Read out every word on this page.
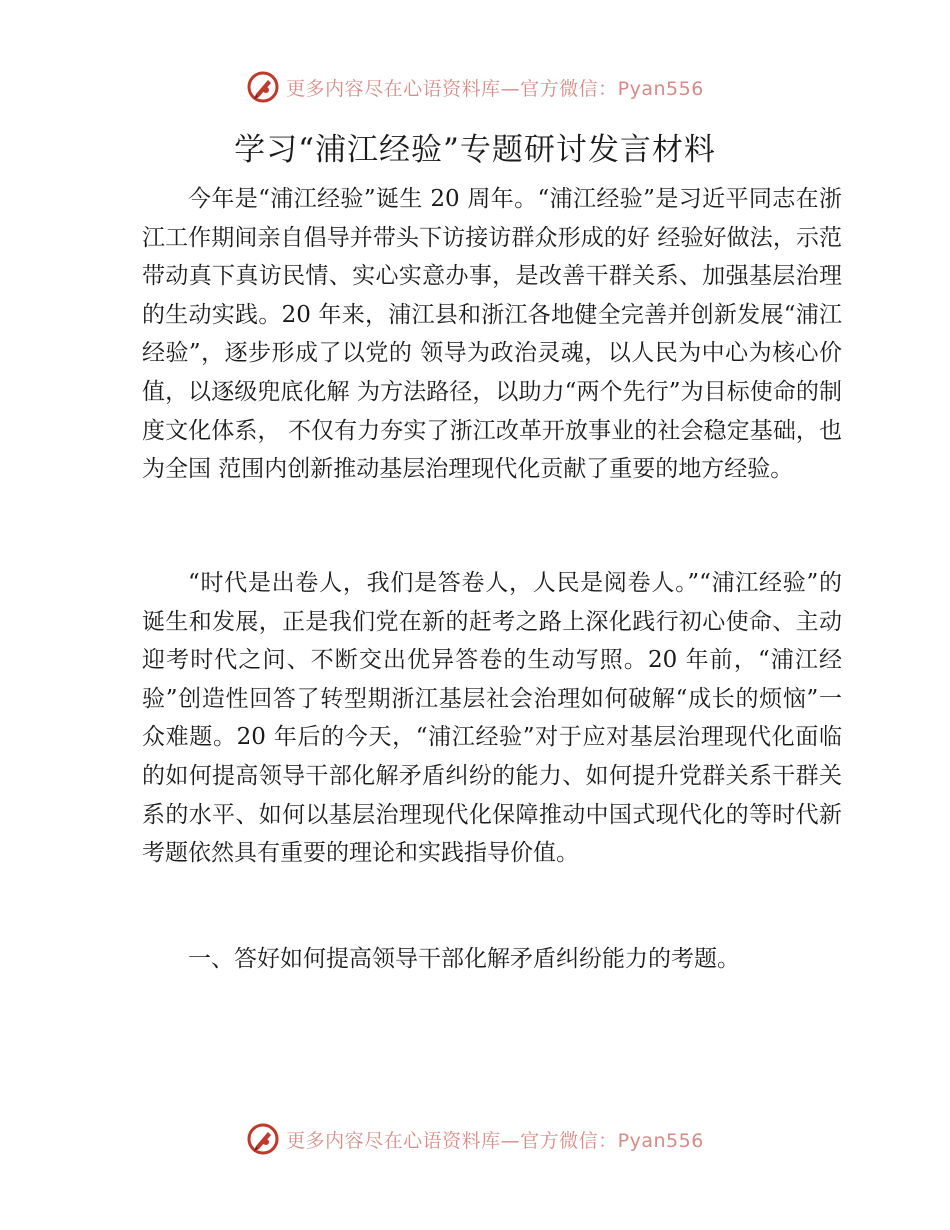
更多内容尽在心语资料库—官方微信：Pyan556
学习“浦江经验”专题研讨发言材料

今年是“浦江经验”诞生 20 周年。“浦江经验”是习近平同志在浙江工作期间亲自倡导并带头下访接访群众形成的好 经验好做法，示范带动真下真访民情、实心实意办事，是改善干群关系、加强基层治理的生动实践。20 年来，浦江县和浙江各地健全完善并创新发展“浦江经验”，逐步形成了以党的 领导为政治灵魂，以人民为中心为核心价值，以逐级兜底化解 为方法路径，以助力“两个先行”为目标使命的制度文化体系， 不仅有力夯实了浙江改革开放事业的社会稳定基础，也为全国 范围内创新推动基层治理现代化贡献了重要的地方经验。

“时代是出卷人，我们是答卷人，人民是阅卷人。”“浦江经验”的诞生和发展，正是我们党在新的赶考之路上深化践行初心使命、主动迎考时代之问、不断交出优异答卷的生动写照。20 年前，“浦江经验”创造性回答了转型期浙江基层社会治理如何破解“成长的烦恼”一众难题。20 年后的今天，“浦江经验”对于应对基层治理现代化面临的如何提高领导干部化解矛盾纠纷的能力、如何提升党群关系干群关系的水平、如何以基层治理现代化保障推动中国式现代化的等时代新考题依然具有重要的理论和实践指导价值。

一、答好如何提高领导干部化解矛盾纠纷能力的考题。

更多内容尽在心语资料库—官方微信：Pyan556
